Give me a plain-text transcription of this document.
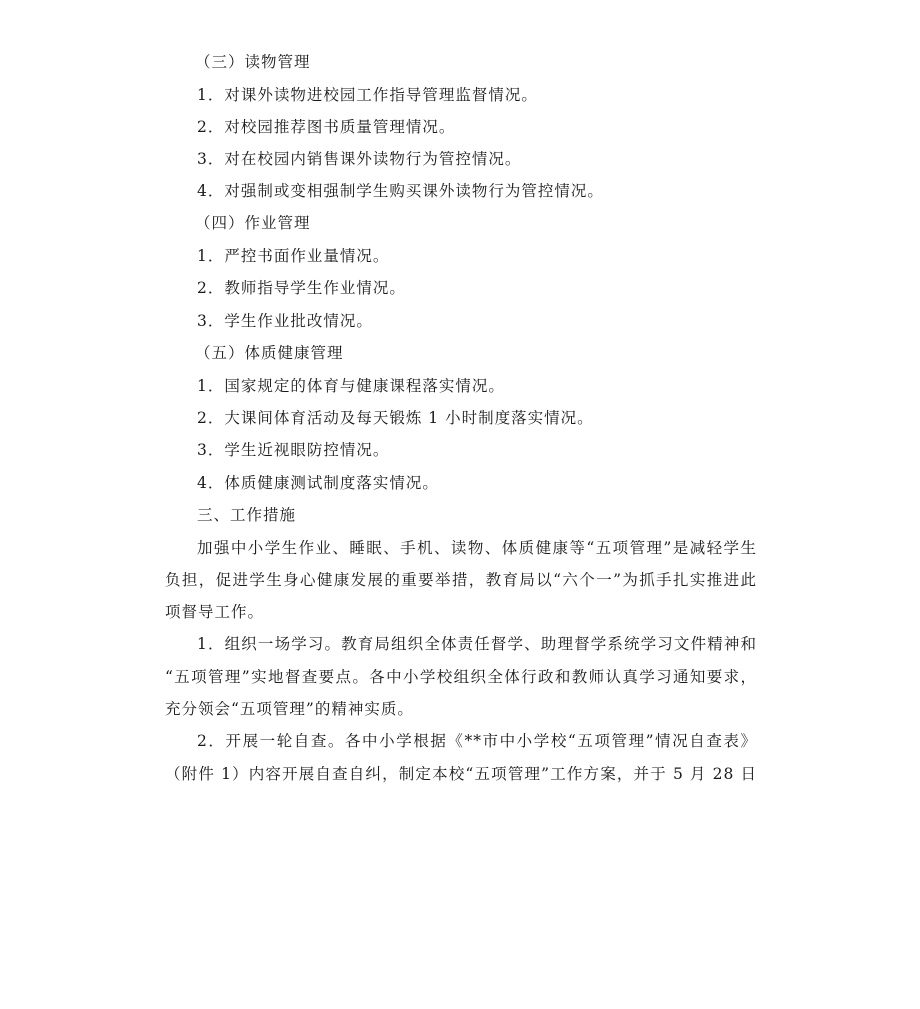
（三）读物管理
1．对课外读物进校园工作指导管理监督情况。
2．对校园推荐图书质量管理情况。
3．对在校园内销售课外读物行为管控情况。
4．对强制或变相强制学生购买课外读物行为管控情况。
（四）作业管理
1．严控书面作业量情况。
2．教师指导学生作业情况。
3．学生作业批改情况。
（五）体质健康管理
1．国家规定的体育与健康课程落实情况。
2．大课间体育活动及每天锻炼 1 小时制度落实情况。
3．学生近视眼防控情况。
4．体质健康测试制度落实情况。
三、工作措施
加强中小学生作业、睡眠、手机、读物、体质健康等“五项管理”是减轻学生
负担，促进学生身心健康发展的重要举措，教育局以“六个一”为抓手扎实推进此
项督导工作。
1．组织一场学习。教育局组织全体责任督学、助理督学系统学习文件精神和
“五项管理”实地督查要点。各中小学校组织全体行政和教师认真学习通知要求，
充分领会“五项管理”的精神实质。
2．开展一轮自查。各中小学根据《**市中小学校“五项管理”情况自查表》
（附件 1）内容开展自查自纠，制定本校“五项管理”工作方案，并于 5 月 28 日
